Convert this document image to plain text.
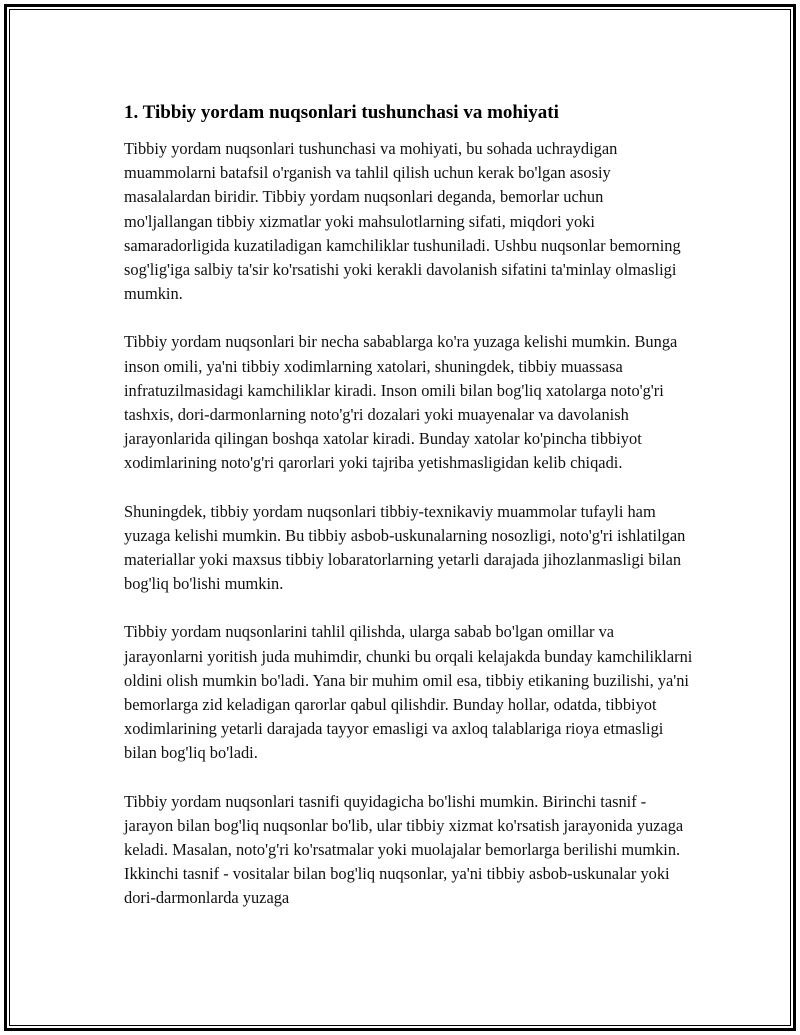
1. Tibbiy yordam nuqsonlari tushunchasi va mohiyati

Tibbiy yordam nuqsonlari tushunchasi va mohiyati, bu sohada uchraydigan muammolarni batafsil o'rganish va tahlil qilish uchun kerak bo'lgan asosiy masalalardan biridir. Tibbiy yordam nuqsonlari deganda, bemorlar uchun mo'ljallangan tibbiy xizmatlar yoki mahsulotlarning sifati, miqdori yoki samaradorligida kuzatiladigan kamchiliklar tushuniladi. Ushbu nuqsonlar bemorning sog'lig'iga salbiy ta'sir ko'rsatishi yoki kerakli davolanish sifatini ta'minlay olmasligi mumkin.

Tibbiy yordam nuqsonlari bir necha sabablarga ko'ra yuzaga kelishi mumkin. Bunga inson omili, ya'ni tibbiy xodimlarning xatolari, shuningdek, tibbiy muassasa infratuzilmasidagi kamchiliklar kiradi. Inson omili bilan bog'liq xatolarga noto'g'ri tashxis, dori-darmonlarning noto'g'ri dozalari yoki muayenalar va davolanish jarayonlarida qilingan boshqa xatolar kiradi. Bunday xatolar ko'pincha tibbiyot xodimlarining noto'g'ri qarorlari yoki tajriba yetishmasligidan kelib chiqadi.

Shuningdek, tibbiy yordam nuqsonlari tibbiy-texnikaviy muammolar tufayli ham yuzaga kelishi mumkin. Bu tibbiy asbob-uskunalarning nosozligi, noto'g'ri ishlatilgan materiallar yoki maxsus tibbiy lobaratorlarning yetarli darajada jihozlanmasligi bilan bog'liq bo'lishi mumkin.

Tibbiy yordam nuqsonlarini tahlil qilishda, ularga sabab bo'lgan omillar va jarayonlarni yoritish juda muhimdir, chunki bu orqali kelajakda bunday kamchiliklarni oldini olish mumkin bo'ladi. Yana bir muhim omil esa, tibbiy etikaning buzilishi, ya'ni bemorlarga zid keladigan qarorlar qabul qilishdir. Bunday hollar, odatda, tibbiyot xodimlarining yetarli darajada tayyor emasligi va axloq talablariga rioya etmasligi bilan bog'liq bo'ladi.

Tibbiy yordam nuqsonlari tasnifi quyidagicha bo'lishi mumkin. Birinchi tasnif - jarayon bilan bog'liq nuqsonlar bo'lib, ular tibbiy xizmat ko'rsatish jarayonida yuzaga keladi. Masalan, noto'g'ri ko'rsatmalar yoki muolajalar bemorlarga berilishi mumkin. Ikkinchi tasnif - vositalar bilan bog'liq nuqsonlar, ya'ni tibbiy asbob-uskunalar yoki dori-darmonlarda yuzaga
